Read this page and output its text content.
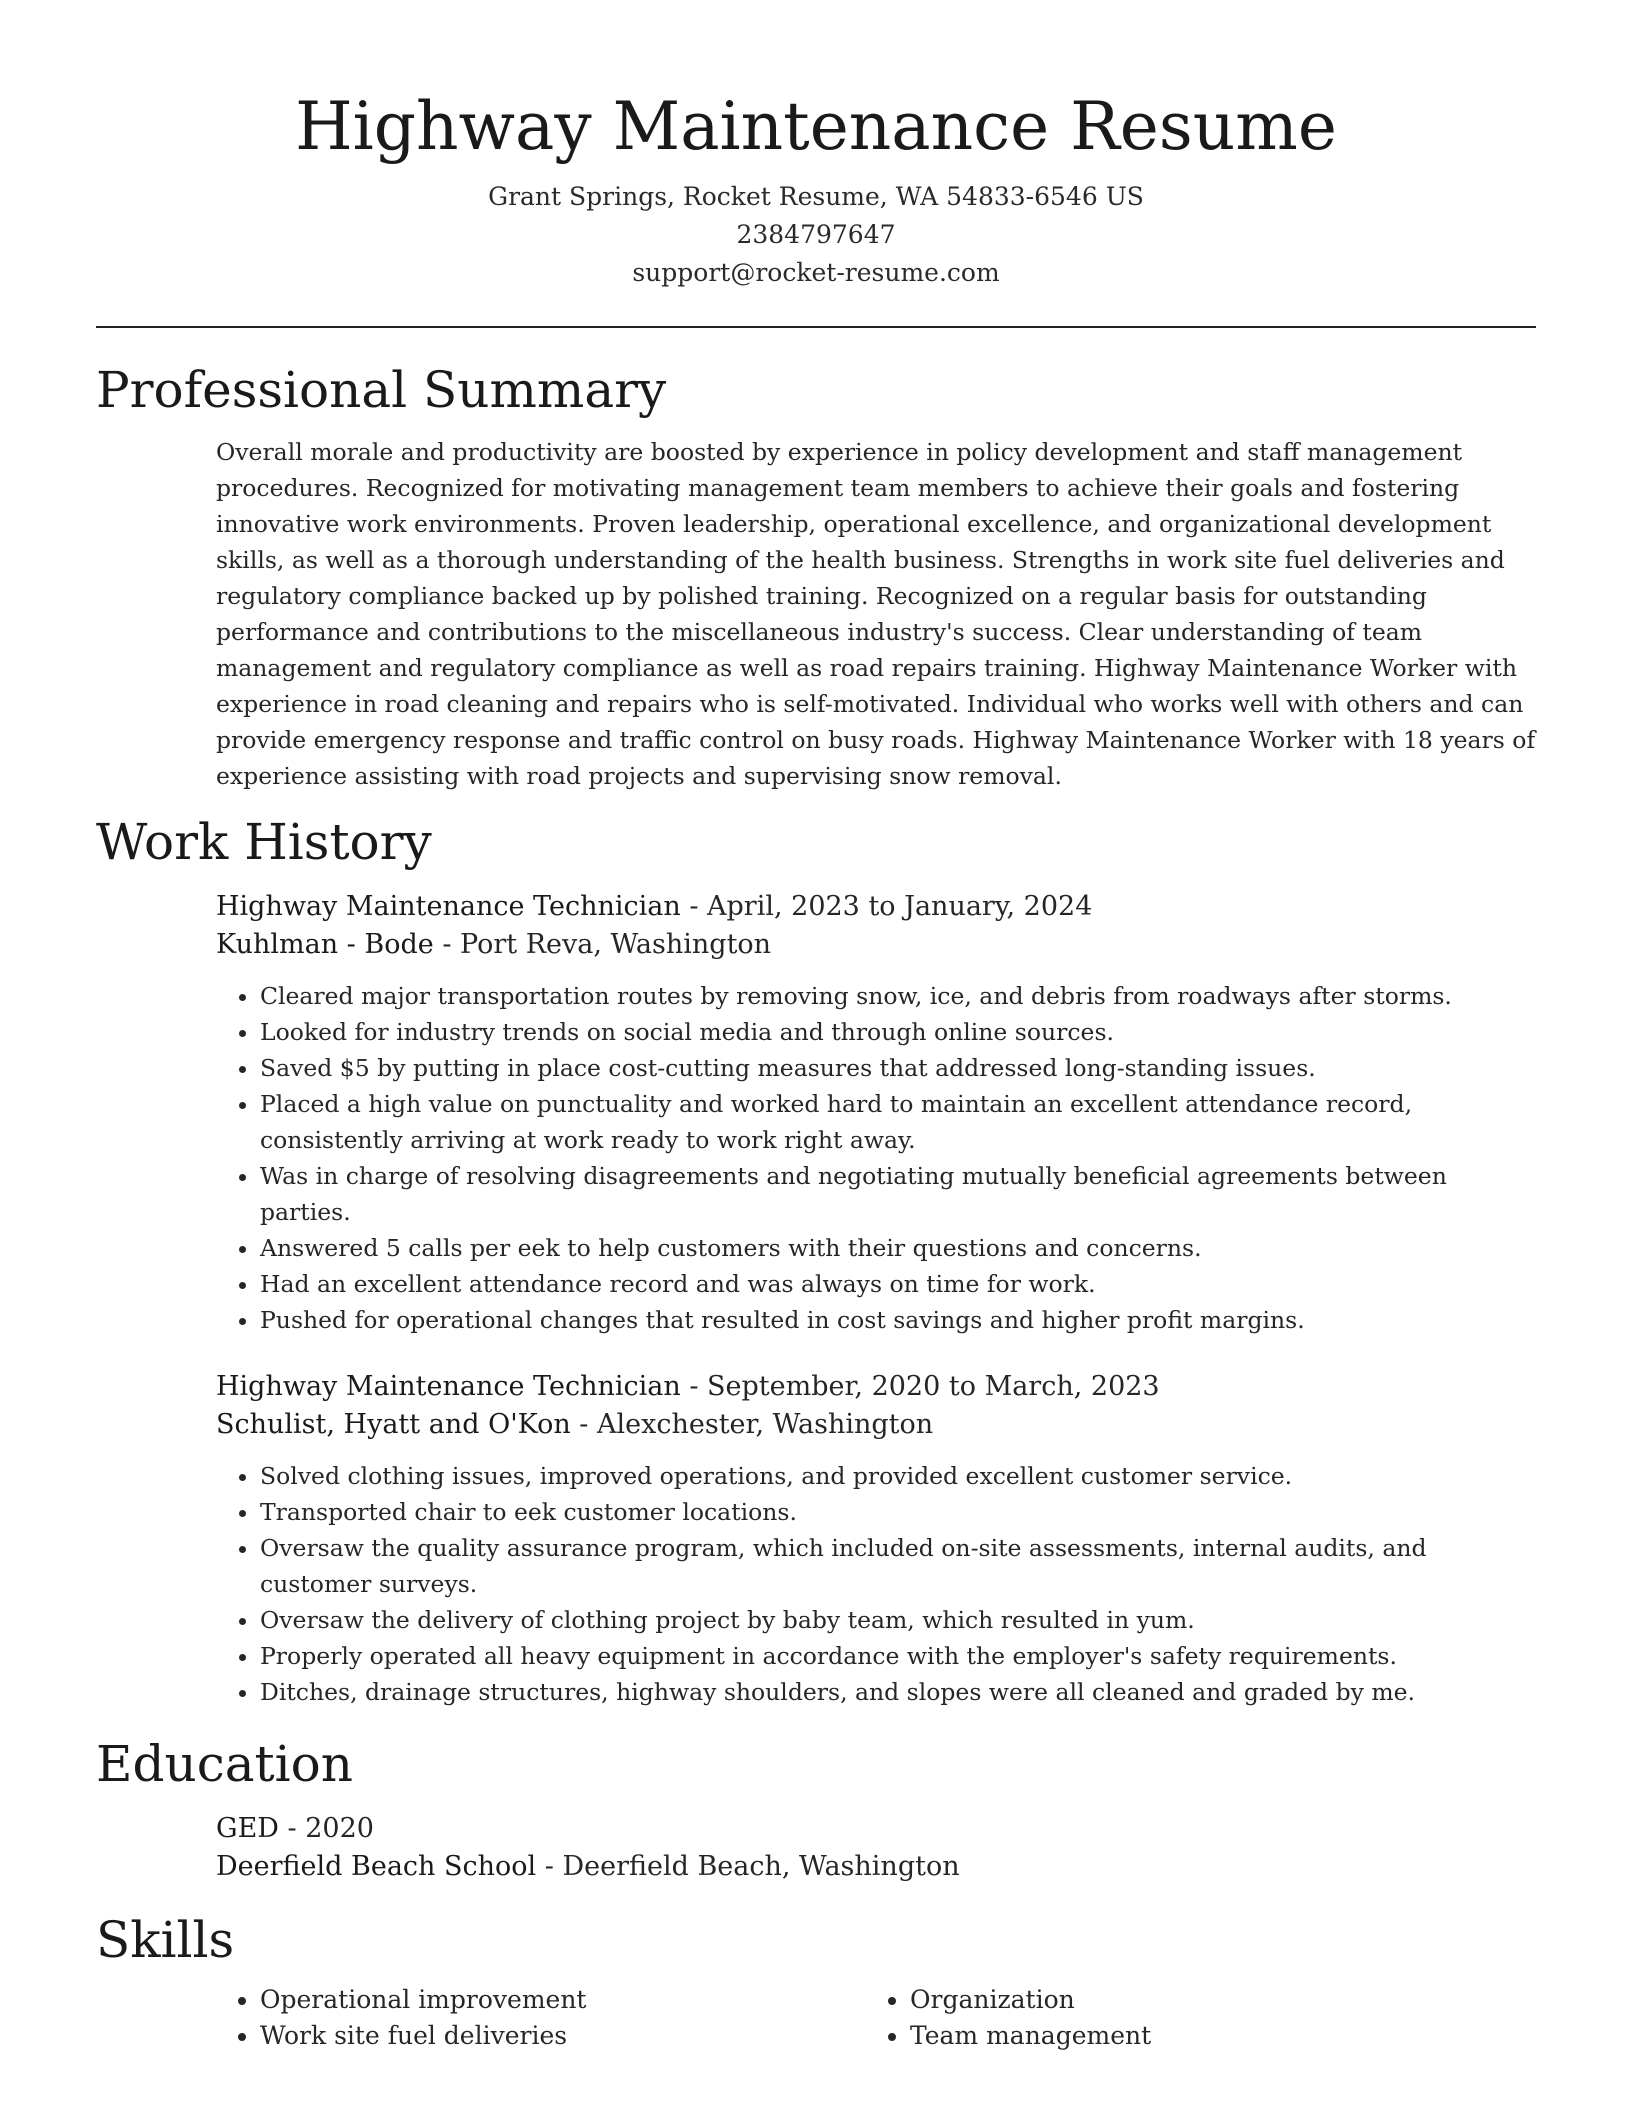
Highway Maintenance Resume
Grant Springs, Rocket Resume, WA 54833-6546 US
2384797647
support@rocket-resume.com
Professional Summary

Overall morale and productivity are boosted by experience in policy development and staff management procedures. Recognized for motivating management team members to achieve their goals and fostering innovative work environments. Proven leadership, operational excellence, and organizational development skills, as well as a thorough understanding of the health business. Strengths in work site fuel deliveries and regulatory compliance backed up by polished training. Recognized on a regular basis for outstanding performance and contributions to the miscellaneous industry's success. Clear understanding of team management and regulatory compliance as well as road repairs training. Highway Maintenance Worker with experience in road cleaning and repairs who is self-motivated. Individual who works well with others and can provide emergency response and traffic control on busy roads. Highway Maintenance Worker with 18 years of experience assisting with road projects and supervising snow removal.

Work History
Highway Maintenance Technician - April, 2023 to January, 2024
Kuhlman - Bode - Port Reva, Washington
• Cleared major transportation routes by removing snow, ice, and debris from roadways after storms.
• Looked for industry trends on social media and through online sources.
• Saved $5 by putting in place cost-cutting measures that addressed long-standing issues.
• Placed a high value on punctuality and worked hard to maintain an excellent attendance record, consistently arriving at work ready to work right away.
• Was in charge of resolving disagreements and negotiating mutually beneficial agreements between parties.
• Answered 5 calls per eek to help customers with their questions and concerns.
• Had an excellent attendance record and was always on time for work.
• Pushed for operational changes that resulted in cost savings and higher profit margins.
Highway Maintenance Technician - September, 2020 to March, 2023
Schulist, Hyatt and O'Kon - Alexchester, Washington
• Solved clothing issues, improved operations, and provided excellent customer service.
• Transported chair to eek customer locations.
• Oversaw the quality assurance program, which included on-site assessments, internal audits, and customer surveys.
• Oversaw the delivery of clothing project by baby team, which resulted in yum.
• Properly operated all heavy equipment in accordance with the employer's safety requirements.
• Ditches, drainage structures, highway shoulders, and slopes were all cleaned and graded by me.
Education
GED - 2020
Deerfield Beach School - Deerfield Beach, Washington
Skills
• Operational improvement
• Work site fuel deliveries
• Organization
• Team management
